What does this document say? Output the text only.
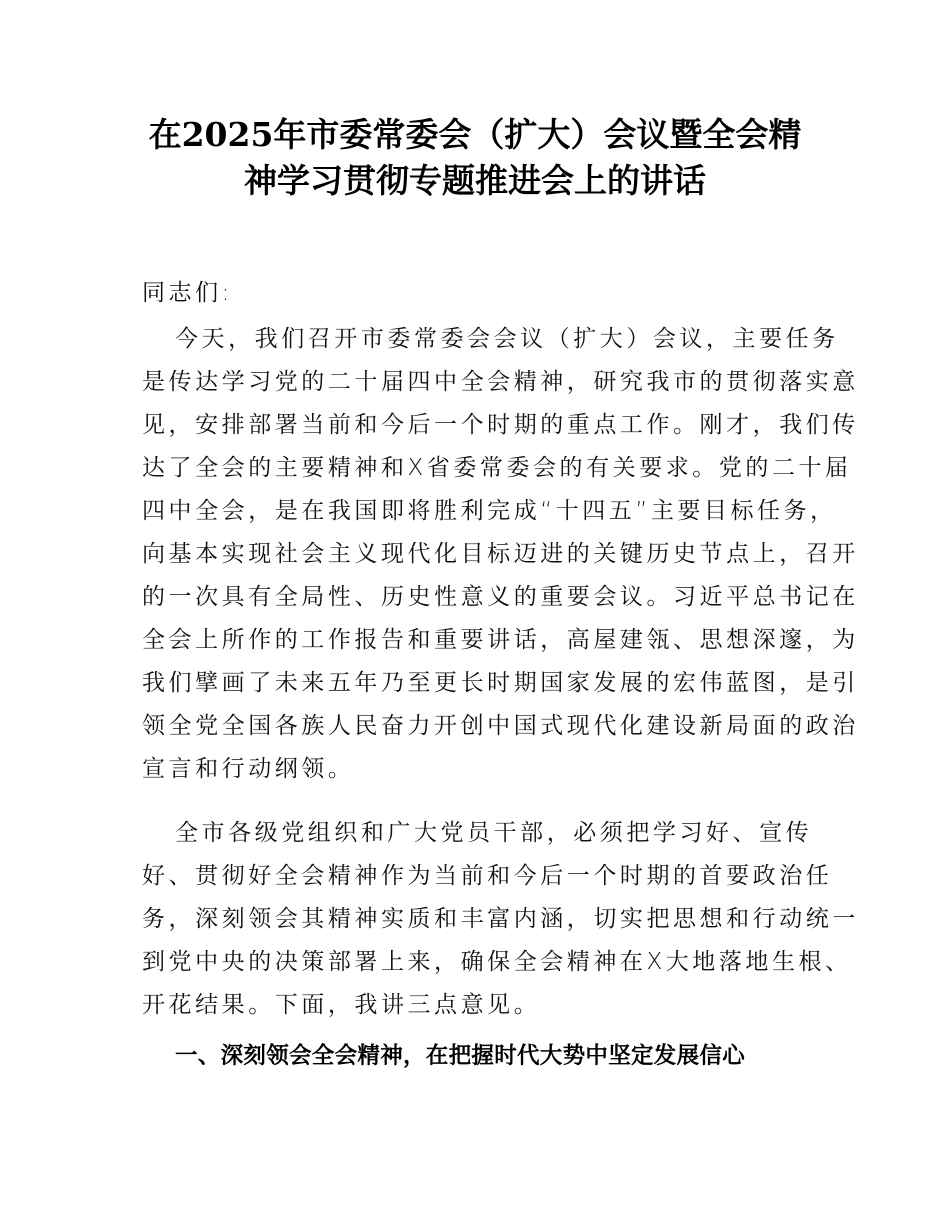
在2025年市委常委会（扩大）会议暨全会精
神学习贯彻专题推进会上的讲话

同志们:

今天，我们召开市委常委会会议（扩大）会议，主要任务
是传达学习党的二十届四中全会精神，研究我市的贯彻落实意
见，安排部署当前和今后一个时期的重点工作。刚才，我们传
达了全会的主要精神和X省委常委会的有关要求。党的二十届
四中全会，是在我国即将胜利完成“十四五”主要目标任务，
向基本实现社会主义现代化目标迈进的关键历史节点上，召开
的一次具有全局性、历史性意义的重要会议。习近平总书记在
全会上所作的工作报告和重要讲话，高屋建瓴、思想深邃，为
我们擘画了未来五年乃至更长时期国家发展的宏伟蓝图，是引
领全党全国各族人民奋力开创中国式现代化建设新局面的政治
宣言和行动纲领。

全市各级党组织和广大党员干部，必须把学习好、宣传
好、贯彻好全会精神作为当前和今后一个时期的首要政治任
务，深刻领会其精神实质和丰富内涵，切实把思想和行动统一
到党中央的决策部署上来，确保全会精神在X大地落地生根、
开花结果。下面，我讲三点意见。

一、深刻领会全会精神，在把握时代大势中坚定发展信心
